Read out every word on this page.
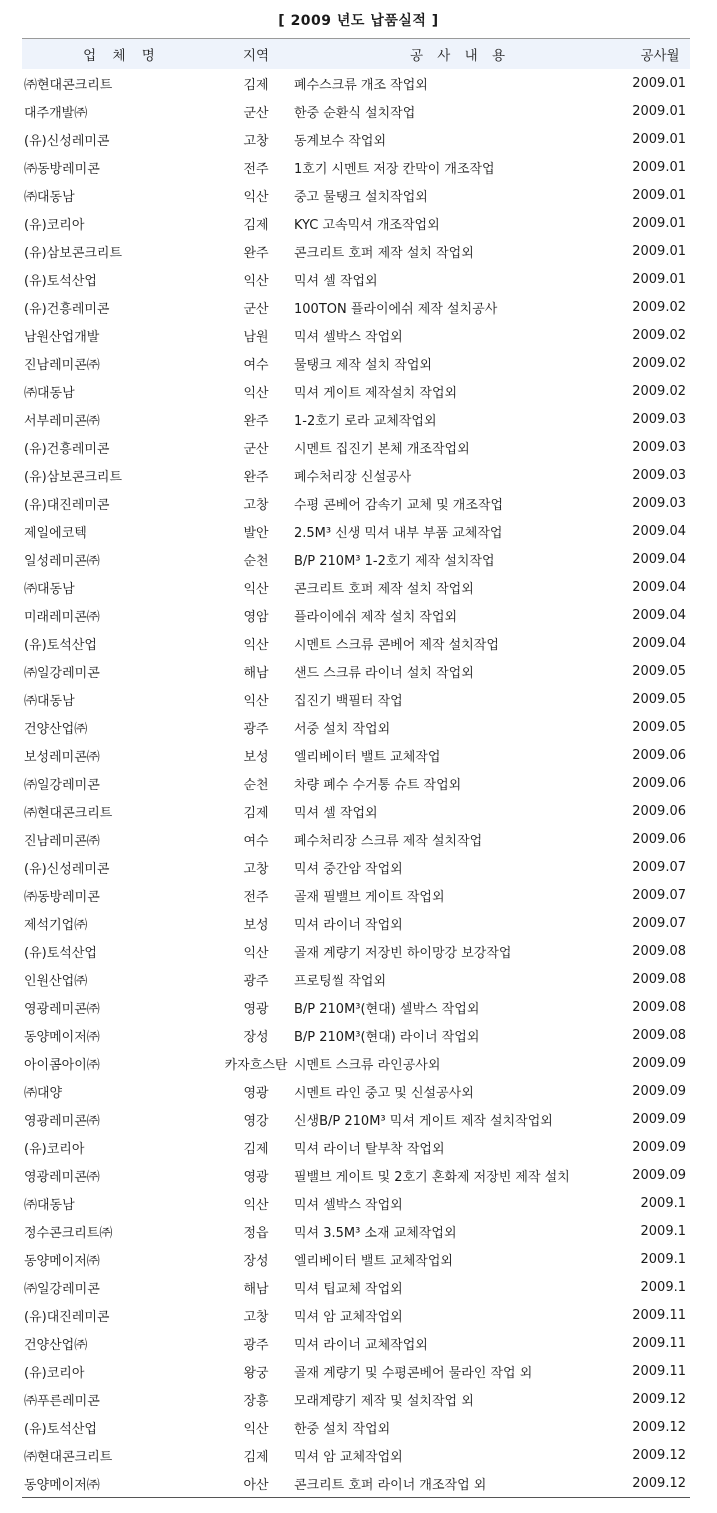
[ 2009 년도 납품실적 ]
업 체 명	지역	공 사 내 용	공사월
㈜현대콘크리트	김제	폐수스크류 개조 작업외	2009.01
대주개발㈜	군산	한중 순환식 설치작업	2009.01
(유)신성레미콘	고창	동계보수 작업외	2009.01
㈜동방레미콘	전주	1호기 시멘트 저장 칸막이 개조작업	2009.01
㈜대동남	익산	중고 물탱크 설치작업외	2009.01
(유)코리아	김제	KYC 고속믹셔 개조작업외	2009.01
(유)삼보콘크리트	완주	콘크리트 호퍼 제작 설치 작업외	2009.01
(유)토석산업	익산	믹셔 셀 작업외	2009.01
(유)건흥레미콘	군산	100TON 플라이에쉬 제작 설치공사	2009.02
남원산업개발	남원	믹셔 셀박스 작업외	2009.02
진남레미콘㈜	여수	물탱크 제작 설치 작업외	2009.02
㈜대동남	익산	믹셔 게이트 제작설치 작업외	2009.02
서부레미콘㈜	완주	1-2호기 로라 교체작업외	2009.03
(유)건흥레미콘	군산	시멘트 집진기 본체 개조작업외	2009.03
(유)삼보콘크리트	완주	폐수처리장 신설공사	2009.03
(유)대진레미콘	고창	수평 콘베어 감속기 교체 및 개조작업	2009.03
제일에코텍	발안	2.5M³ 신생 믹셔 내부 부품 교체작업	2009.04
일성레미콘㈜	순천	B/P 210M³ 1-2호기 제작 설치작업	2009.04
㈜대동남	익산	콘크리트 호퍼 제작 설치 작업외	2009.04
미래레미콘㈜	영암	플라이에쉬 제작 설치 작업외	2009.04
(유)토석산업	익산	시멘트 스크류 콘베어 제작 설치작업	2009.04
㈜일강레미콘	해남	샌드 스크류 라이너 설치 작업외	2009.05
㈜대동남	익산	집진기 백필터 작업	2009.05
건양산업㈜	광주	서중 설치 작업외	2009.05
보성레미콘㈜	보성	엘리베이터 밸트 교체작업	2009.06
㈜일강레미콘	순천	차량 폐수 수거통 슈트 작업외	2009.06
㈜현대콘크리트	김제	믹셔 셀 작업외	2009.06
진남레미콘㈜	여수	폐수처리장 스크류 제작 설치작업	2009.06
(유)신성레미콘	고창	믹셔 중간암 작업외	2009.07
㈜동방레미콘	전주	골재 필밸브 게이트 작업외	2009.07
제석기업㈜	보성	믹셔 라이너 작업외	2009.07
(유)토석산업	익산	골재 계량기 저장빈 하이망강 보강작업	2009.08
인원산업㈜	광주	프로팅씰 작업외	2009.08
영광레미콘㈜	영광	B/P 210M³(현대) 셀박스 작업외	2009.08
동양메이저㈜	장성	B/P 210M³(현대) 라이너 작업외	2009.08
아이콤아이㈜	카자흐스탄	시멘트 스크류 라인공사외	2009.09
㈜대양	영광	시멘트 라인 중고 및 신설공사외	2009.09
영광레미콘㈜	영강	신생B/P 210M³ 믹셔 게이트 제작 설치작업외	2009.09
(유)코리아	김제	믹셔 라이너 탈부착 작업외	2009.09
영광레미콘㈜	영광	필밸브 게이트 및 2호기 혼화제 저장빈 제작 설치	2009.09
㈜대동남	익산	믹셔 셀박스 작업외	2009.1
정수콘크리트㈜	정읍	믹셔 3.5M³ 소재 교체작업외	2009.1
동양메이저㈜	장성	엘리베이터 밸트 교체작업외	2009.1
㈜일강레미콘	해남	믹셔 팁교체 작업외	2009.1
(유)대진레미콘	고창	믹셔 암 교체작업외	2009.11
건양산업㈜	광주	믹셔 라이너 교체작업외	2009.11
(유)코리아	왕궁	골재 계량기 및 수평콘베어 물라인 작업 외	2009.11
㈜푸른레미콘	장흥	모래계량기 제작 및 설치작업 외	2009.12
(유)토석산업	익산	한중 설치 작업외	2009.12
㈜현대콘크리트	김제	믹셔 암 교체작업외	2009.12
동양메이저㈜	아산	콘크리트 호퍼 라이너 개조작업 외	2009.12
